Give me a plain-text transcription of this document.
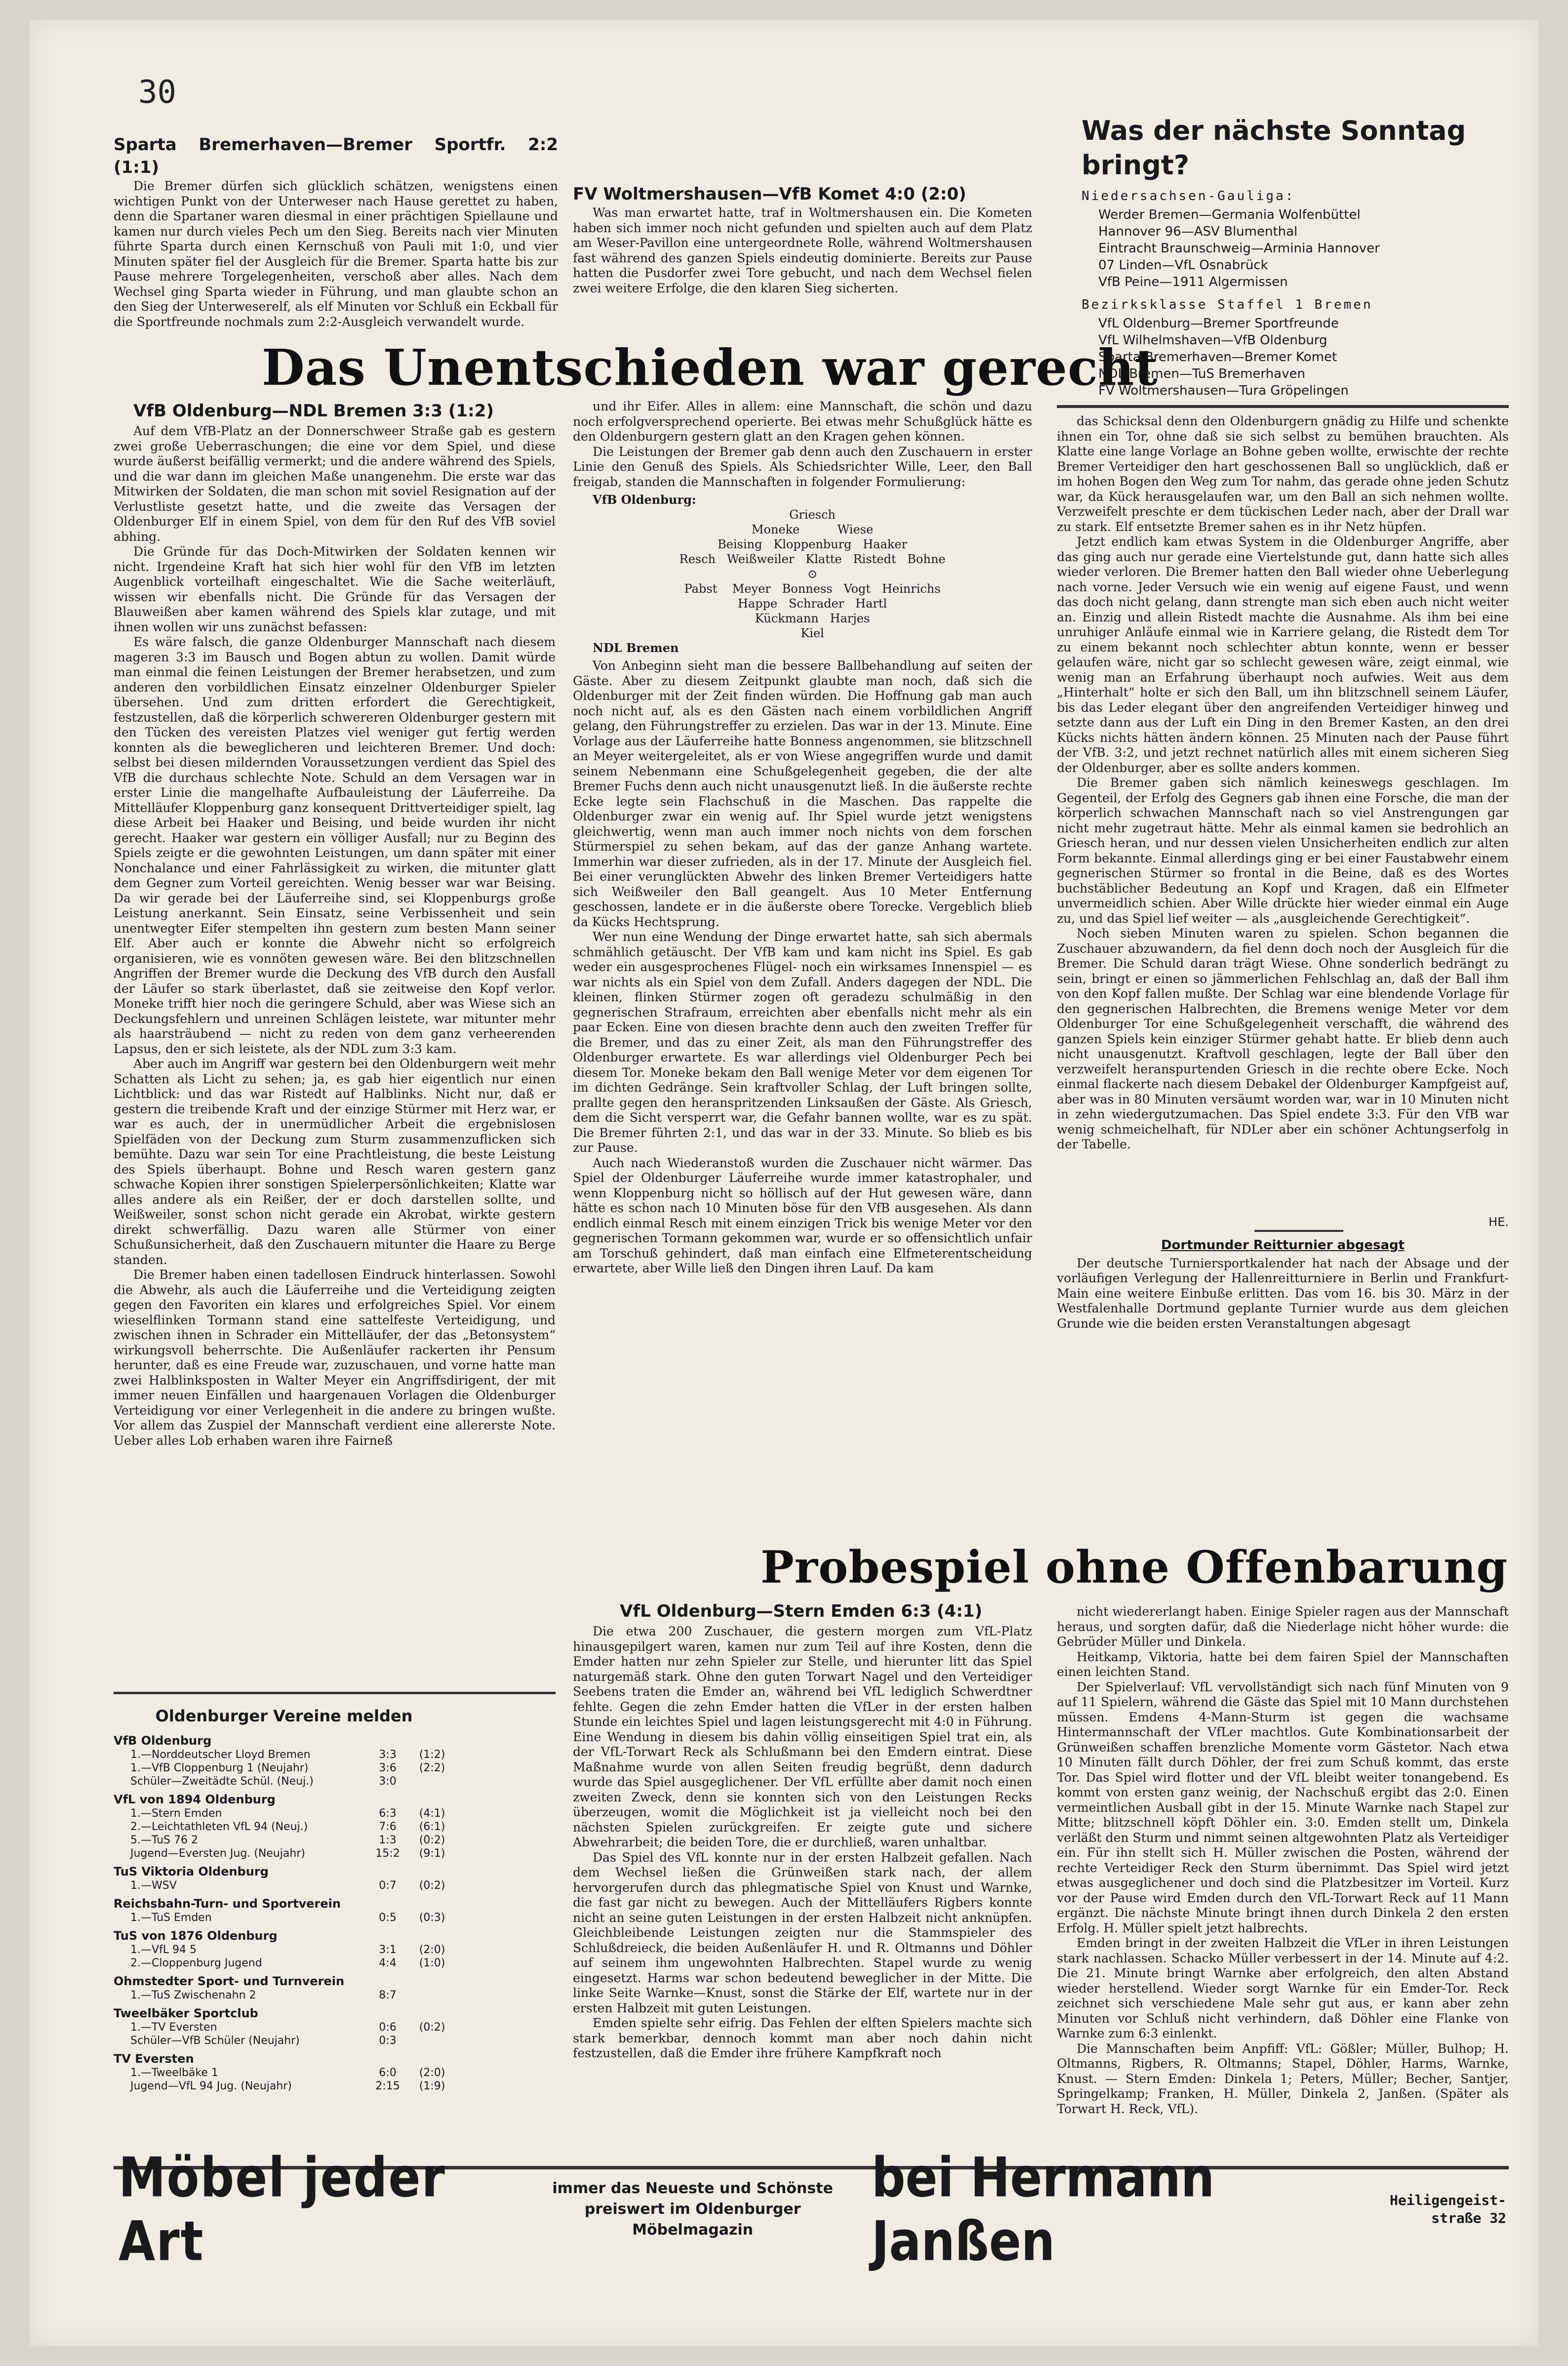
30

Sparta Bremerhaven—Bremer Sportfr. 2:2 (1:1)

Die Bremer dürfen sich glücklich schätzen, wenigstens einen wichtigen Punkt von der Unterweser nach Hause gerettet zu haben, denn die Spartaner waren diesmal in einer prächtigen Spiellaune und kamen nur durch vieles Pech um den Sieg. Bereits nach vier Minuten führte Sparta durch einen Kernschuß von Pauli mit 1:0, und vier Minuten später fiel der Ausgleich für die Bremer. Sparta hatte bis zur Pause mehrere Torgelegenheiten, verschoß aber alles. Nach dem Wechsel ging Sparta wieder in Führung, und man glaubte schon an den Sieg der Unterweserelf, als elf Minuten vor Schluß ein Eckball für die Sportfreunde nochmals zum 2:2-Ausgleich verwandelt wurde.

FV Woltmershausen—VfB Komet 4:0 (2:0)

Was man erwartet hatte, traf in Woltmershausen ein. Die Kometen haben sich immer noch nicht gefunden und spielten auch auf dem Platz am Weser-Pavillon eine untergeordnete Rolle, während Woltmershausen fast während des ganzen Spiels eindeutig dominierte. Bereits zur Pause hatten die Pusdorfer zwei Tore gebucht, und nach dem Wechsel fielen zwei weitere Erfolge, die den klaren Sieg sicherten.

Was der nächste Sonntag bringt?
Niedersachsen-Gauliga:
Werder Bremen—Germania Wolfenbüttel
Hannover 96—ASV Blumenthal
Eintracht Braunschweig—Arminia Hannover
07 Linden—VfL Osnabrück
VfB Peine—1911 Algermissen
Bezirksklasse Staffel 1 Bremen
VfL Oldenburg—Bremer Sportfreunde
VfL Wilhelmshaven—VfB Oldenburg
Sparta Bremerhaven—Bremer Komet
NDL Bremen—TuS Bremerhaven
FV Woltmershausen—Tura Gröpelingen
Das Unentschieden war gerecht
VfB Oldenburg—NDL Bremen 3:3 (1:2)

Auf dem VfB-Platz an der Donnerschweer Straße gab es gestern zwei große Ueberraschungen; die eine vor dem Spiel, und diese wurde äußerst beifällig vermerkt; und die andere während des Spiels, und die war dann im gleichen Maße unangenehm. Die erste war das Mitwirken der Soldaten, die man schon mit soviel Resignation auf der Verlustliste gesetzt hatte, und die zweite das Versagen der Oldenburger Elf in einem Spiel, von dem für den Ruf des VfB soviel abhing.

Die Gründe für das Doch-Mitwirken der Soldaten kennen wir nicht. Irgendeine Kraft hat sich hier wohl für den VfB im letzten Augenblick vorteilhaft eingeschaltet. Wie die Sache weiterläuft, wissen wir ebenfalls nicht. Die Gründe für das Versagen der Blauweißen aber kamen während des Spiels klar zutage, und mit ihnen wollen wir uns zunächst befassen:

Es wäre falsch, die ganze Oldenburger Mannschaft nach diesem mageren 3:3 im Bausch und Bogen abtun zu wollen. Damit würde man einmal die feinen Leistungen der Bremer herabsetzen, und zum anderen den vorbildlichen Einsatz einzelner Oldenburger Spieler übersehen. Und zum dritten erfordert die Gerechtigkeit, festzustellen, daß die körperlich schwereren Oldenburger gestern mit den Tücken des vereisten Platzes viel weniger gut fertig werden konnten als die beweglicheren und leichteren Bremer. Und doch: selbst bei diesen mildernden Voraussetzungen verdient das Spiel des VfB die durchaus schlechte Note. Schuld an dem Versagen war in erster Linie die mangelhafte Aufbauleistung der Läuferreihe. Da Mittelläufer Kloppenburg ganz konsequent Drittverteidiger spielt, lag diese Arbeit bei Haaker und Beising, und beide wurden ihr nicht gerecht. Haaker war gestern ein völliger Ausfall; nur zu Beginn des Spiels zeigte er die gewohnten Leistungen, um dann später mit einer Nonchalance und einer Fahrlässigkeit zu wirken, die mitunter glatt dem Gegner zum Vorteil gereichten. Wenig besser war war Beising. Da wir gerade bei der Läuferreihe sind, sei Kloppenburgs große Leistung anerkannt. Sein Einsatz, seine Verbissenheit und sein unentwegter Eifer stempelten ihn gestern zum besten Mann seiner Elf. Aber auch er konnte die Abwehr nicht so erfolgreich organisieren, wie es vonnöten gewesen wäre. Bei den blitzschnellen Angriffen der Bremer wurde die Deckung des VfB durch den Ausfall der Läufer so stark überlastet, daß sie zeitweise den Kopf verlor. Moneke trifft hier noch die geringere Schuld, aber was Wiese sich an Deckungsfehlern und unreinen Schlägen leistete, war mitunter mehr als haarsträubend — nicht zu reden von dem ganz verheerenden Lapsus, den er sich leistete, als der NDL zum 3:3 kam.

Aber auch im Angriff war gestern bei den Oldenburgern weit mehr Schatten als Licht zu sehen; ja, es gab hier eigentlich nur einen Lichtblick: und das war Ristedt auf Halblinks. Nicht nur, daß er gestern die treibende Kraft und der einzige Stürmer mit Herz war, er war es auch, der in unermüdlicher Arbeit die ergebnislosen Spielfäden von der Deckung zum Sturm zusammenzuflicken sich bemühte. Dazu war sein Tor eine Prachtleistung, die beste Leistung des Spiels überhaupt. Bohne und Resch waren gestern ganz schwache Kopien ihrer sonstigen Spielerpersönlichkeiten; Klatte war alles andere als ein Reißer, der er doch darstellen sollte, und Weißweiler, sonst schon nicht gerade ein Akrobat, wirkte gestern direkt schwerfällig. Dazu waren alle Stürmer von einer Schußunsicherheit, daß den Zuschauern mitunter die Haare zu Berge standen.

Die Bremer haben einen tadellosen Eindruck hinterlassen. Sowohl die Abwehr, als auch die Läuferreihe und die Verteidigung zeigten gegen den Favoriten ein klares und erfolgreiches Spiel. Vor einem wieselflinken Tormann stand eine sattelfeste Verteidigung, und zwischen ihnen in Schrader ein Mittelläufer, der das „Betonsystem“ wirkungsvoll beherrschte. Die Außenläufer rackerten ihr Pensum herunter, daß es eine Freude war, zuzuschauen, und vorne hatte man zwei Halblinksposten in Walter Meyer ein Angriffsdirigent, der mit immer neuen Einfällen und haargenauen Vorlagen die Oldenburger Verteidigung vor einer Verlegenheit in die andere zu bringen wußte. Vor allem das Zuspiel der Mannschaft verdient eine allererste Note. Ueber alles Lob erhaben waren ihre Fairneß

und ihr Eifer. Alles in allem: eine Mannschaft, die schön und dazu noch erfolgversprechend operierte. Bei etwas mehr Schußglück hätte es den Oldenburgern gestern glatt an den Kragen gehen können.

Die Leistungen der Bremer gab denn auch den Zuschauern in erster Linie den Genuß des Spiels. Als Schiedsrichter Wille, Leer, den Ball freigab, standen die Mannschaften in folgender Formulierung:

VfB Oldenburg:

Griesch

Moneke          Wiese

Beising   Kloppenburg   Haaker

Resch   Weißweiler   Klatte   Ristedt   Bohne

⊙

Pabst    Meyer   Bonness   Vogt   Heinrichs

Happe   Schrader   Hartl

Kückmann   Harjes

Kiel

NDL Bremen

Von Anbeginn sieht man die bessere Ballbehandlung auf seiten der Gäste. Aber zu diesem Zeitpunkt glaubte man noch, daß sich die Oldenburger mit der Zeit finden würden. Die Hoffnung gab man auch noch nicht auf, als es den Gästen nach einem vorbildlichen Angriff gelang, den Führungstreffer zu erzielen. Das war in der 13. Minute. Eine Vorlage aus der Läuferreihe hatte Bonness angenommen, sie blitzschnell an Meyer weitergeleitet, als er von Wiese angegriffen wurde und damit seinem Nebenmann eine Schußgelegenheit gegeben, die der alte Bremer Fuchs denn auch nicht unausgenutzt ließ. In die äußerste rechte Ecke legte sein Flachschuß in die Maschen. Das rappelte die Oldenburger zwar ein wenig auf. Ihr Spiel wurde jetzt wenigstens gleichwertig, wenn man auch immer noch nichts von dem forschen Stürmerspiel zu sehen bekam, auf das der ganze Anhang wartete. Immerhin war dieser zufrieden, als in der 17. Minute der Ausgleich fiel. Bei einer verunglückten Abwehr des linken Bremer Verteidigers hatte sich Weißweiler den Ball geangelt. Aus 10 Meter Entfernung geschossen, landete er in die äußerste obere Torecke. Vergeblich blieb da Kücks Hechtsprung.

Wer nun eine Wendung der Dinge erwartet hatte, sah sich abermals schmählich getäuscht. Der VfB kam und kam nicht ins Spiel. Es gab weder ein ausgesprochenes Flügel- noch ein wirksames Innenspiel — es war nichts als ein Spiel von dem Zufall. Anders dagegen der NDL. Die kleinen, flinken Stürmer zogen oft geradezu schulmäßig in den gegnerischen Strafraum, erreichten aber ebenfalls nicht mehr als ein paar Ecken. Eine von diesen brachte denn auch den zweiten Treffer für die Bremer, und das zu einer Zeit, als man den Führungstreffer des Oldenburger erwartete. Es war allerdings viel Oldenburger Pech bei diesem Tor. Moneke bekam den Ball wenige Meter vor dem eigenen Tor im dichten Gedränge. Sein kraftvoller Schlag, der Luft bringen sollte, prallte gegen den heranspritzenden Linksaußen der Gäste. Als Griesch, dem die Sicht versperrt war, die Gefahr bannen wollte, war es zu spät. Die Bremer führten 2:1, und das war in der 33. Minute. So blieb es bis zur Pause.

Auch nach Wiederanstoß wurden die Zuschauer nicht wärmer. Das Spiel der Oldenburger Läuferreihe wurde immer katastrophaler, und wenn Kloppenburg nicht so höllisch auf der Hut gewesen wäre, dann hätte es schon nach 10 Minuten böse für den VfB ausgesehen. Als dann endlich einmal Resch mit einem einzigen Trick bis wenige Meter vor den gegnerischen Tormann gekommen war, wurde er so offensichtlich unfair am Torschuß gehindert, daß man einfach eine Elfmeterentscheidung erwartete, aber Wille ließ den Dingen ihren Lauf. Da kam

das Schicksal denn den Oldenburgern gnädig zu Hilfe und schenkte ihnen ein Tor, ohne daß sie sich selbst zu bemühen brauchten. Als Klatte eine lange Vorlage an Bohne geben wollte, erwischte der rechte Bremer Verteidiger den hart geschossenen Ball so unglücklich, daß er im hohen Bogen den Weg zum Tor nahm, das gerade ohne jeden Schutz war, da Kück herausgelaufen war, um den Ball an sich nehmen wollte. Verzweifelt preschte er dem tückischen Leder nach, aber der Drall war zu stark. Elf entsetzte Bremer sahen es in ihr Netz hüpfen.

Jetzt endlich kam etwas System in die Oldenburger Angriffe, aber das ging auch nur gerade eine Viertelstunde gut, dann hatte sich alles wieder verloren. Die Bremer hatten den Ball wieder ohne Ueberlegung nach vorne. Jeder Versuch wie ein wenig auf eigene Faust, und wenn das doch nicht gelang, dann strengte man sich eben auch nicht weiter an. Einzig und allein Ristedt machte die Ausnahme. Als ihm bei eine unruhiger Anläufe einmal wie in Karriere gelang, die Ristedt dem Tor zu einem bekannt noch schlechter abtun konnte, wenn er besser gelaufen wäre, nicht gar so schlecht gewesen wäre, zeigt einmal, wie wenig man an Erfahrung überhaupt noch aufwies. Weit aus dem „Hinterhalt“ holte er sich den Ball, um ihn blitzschnell seinem Läufer, bis das Leder elegant über den angreifenden Verteidiger hinweg und setzte dann aus der Luft ein Ding in den Bremer Kasten, an den drei Kücks nichts hätten ändern können. 25 Minuten nach der Pause führt der VfB. 3:2, und jetzt rechnet natürlich alles mit einem sicheren Sieg der Oldenburger, aber es sollte anders kommen.

Die Bremer gaben sich nämlich keineswegs geschlagen. Im Gegenteil, der Erfolg des Gegners gab ihnen eine Forsche, die man der körperlich schwachen Mannschaft nach so viel Anstrengungen gar nicht mehr zugetraut hätte. Mehr als einmal kamen sie bedrohlich an Griesch heran, und nur dessen vielen Unsicherheiten endlich zur alten Form bekannte. Einmal allerdings ging er bei einer Faustabwehr einem gegnerischen Stürmer so frontal in die Beine, daß es des Wortes buchstäblicher Bedeutung an Kopf und Kragen, daß ein Elfmeter unvermeidlich schien. Aber Wille drückte hier wieder einmal ein Auge zu, und das Spiel lief weiter — als „ausgleichende Gerechtigkeit“.

Noch sieben Minuten waren zu spielen. Schon begannen die Zuschauer abzuwandern, da fiel denn doch noch der Ausgleich für die Bremer. Die Schuld daran trägt Wiese. Ohne sonderlich bedrängt zu sein, bringt er einen so jämmerlichen Fehlschlag an, daß der Ball ihm von den Kopf fallen mußte. Der Schlag war eine blendende Vorlage für den gegnerischen Halbrechten, die Bremens wenige Meter vor dem Oldenburger Tor eine Schußgelegenheit verschafft, die während des ganzen Spiels kein einziger Stürmer gehabt hatte. Er blieb denn auch nicht unausgenutzt. Kraftvoll geschlagen, legte der Ball über den verzweifelt heranspurtenden Griesch in die rechte obere Ecke. Noch einmal flackerte nach diesem Debakel der Oldenburger Kampfgeist auf, aber was in 80 Minuten versäumt worden war, war in 10 Minuten nicht in zehn wiedergutzumachen. Das Spiel endete 3:3. Für den VfB war wenig schmeichelhaft, für NDLer aber ein schöner Achtungserfolg in der Tabelle.

HE.
Dortmunder Reitturnier abgesagt

Der deutsche Turniersportkalender hat nach der Absage und der vorläufigen Verlegung der Hallenreitturniere in Berlin und Frankfurt-Main eine weitere Einbuße erlitten. Das vom 16. bis 30. März in der Westfalenhalle Dortmund geplante Turnier wurde aus dem gleichen Grunde wie die beiden ersten Veranstaltungen abgesagt

Probespiel ohne Offenbarung
VfL Oldenburg—Stern Emden 6:3 (4:1)

Die etwa 200 Zuschauer, die gestern morgen zum VfL-Platz hinausgepilgert waren, kamen nur zum Teil auf ihre Kosten, denn die Emder hatten nur zehn Spieler zur Stelle, und hierunter litt das Spiel naturgemäß stark. Ohne den guten Torwart Nagel und den Verteidiger Seebens traten die Emder an, während bei VfL lediglich Schwerdtner fehlte. Gegen die zehn Emder hatten die VfLer in der ersten halben Stunde ein leichtes Spiel und lagen leistungsgerecht mit 4:0 in Führung. Eine Wendung in diesem bis dahin völlig einseitigen Spiel trat ein, als der VfL-Torwart Reck als Schlußmann bei den Emdern eintrat. Diese Maßnahme wurde von allen Seiten freudig begrüßt, denn dadurch wurde das Spiel ausgeglichener. Der VfL erfüllte aber damit noch einen zweiten Zweck, denn sie konnten sich von den Leistungen Recks überzeugen, womit die Möglichkeit ist ja vielleicht noch bei den nächsten Spielen zurückgreifen. Er zeigte gute und sichere Abwehrarbeit; die beiden Tore, die er durchließ, waren unhaltbar.

Das Spiel des VfL konnte nur in der ersten Halbzeit gefallen. Nach dem Wechsel ließen die Grünweißen stark nach, der allem hervorgerufen durch das phlegmatische Spiel von Knust und Warnke, die fast gar nicht zu bewegen. Auch der Mittelläufers Rigbers konnte nicht an seine guten Leistungen in der ersten Halbzeit nicht anknüpfen. Gleichbleibende Leistungen zeigten nur die Stammspieler des Schlußdreieck, die beiden Außenläufer H. und R. Oltmanns und Döhler auf seinem ihm ungewohnten Halbrechten. Stapel wurde zu wenig eingesetzt. Harms war schon bedeutend beweglicher in der Mitte. Die linke Seite Warnke—Knust, sonst die Stärke der Elf, wartete nur in der ersten Halbzeit mit guten Leistungen.

Emden spielte sehr eifrig. Das Fehlen der elften Spielers machte sich stark bemerkbar, dennoch kommt man aber noch dahin nicht festzustellen, daß die Emder ihre frühere Kampfkraft noch

nicht wiedererlangt haben. Einige Spieler ragen aus der Mannschaft heraus, und sorgten dafür, daß die Niederlage nicht höher wurde: die Gebrüder Müller und Dinkela.

Heitkamp, Viktoria, hatte bei dem fairen Spiel der Mannschaften einen leichten Stand.

Der Spielverlauf: VfL vervollständigt sich nach fünf Minuten von 9 auf 11 Spielern, während die Gäste das Spiel mit 10 Mann durchstehen müssen. Emdens 4-Mann-Sturm ist gegen die wachsame Hintermannschaft der VfLer machtlos. Gute Kombinationsarbeit der Grünweißen schaffen brenzliche Momente vorm Gästetor. Nach etwa 10 Minuten fällt durch Döhler, der frei zum Schuß kommt, das erste Tor. Das Spiel wird flotter und der VfL bleibt weiter tonangebend. Es kommt von ersten ganz weinig, der Nachschuß ergibt das 2:0. Einen vermeintlichen Ausball gibt in der 15. Minute Warnke nach Stapel zur Mitte; blitzschnell köpft Döhler ein. 3:0. Emden stellt um, Dinkela verläßt den Sturm und nimmt seinen altgewohnten Platz als Verteidiger ein. Für ihn stellt sich H. Müller zwischen die Posten, während der rechte Verteidiger Reck den Sturm übernimmt. Das Spiel wird jetzt etwas ausgeglichener und doch sind die Platzbesitzer im Vorteil. Kurz vor der Pause wird Emden durch den VfL-Torwart Reck auf 11 Mann ergänzt. Die nächste Minute bringt ihnen durch Dinkela 2 den ersten Erfolg. H. Müller spielt jetzt halbrechts.

Emden bringt in der zweiten Halbzeit die VfLer in ihren Leistungen stark nachlassen. Schacko Müller verbessert in der 14. Minute auf 4:2. Die 21. Minute bringt Warnke aber erfolgreich, den alten Abstand wieder herstellend. Wieder sorgt Warnke für ein Emder-Tor. Reck zeichnet sich verschiedene Male sehr gut aus, er kann aber zehn Minuten vor Schluß nicht verhindern, daß Döhler eine Flanke von Warnke zum 6:3 einlenkt.

Die Mannschaften beim Anpfiff: VfL: Gößler; Müller, Bulhop; H. Oltmanns, Rigbers, R. Oltmanns; Stapel, Döhler, Harms, Warnke, Knust. — Stern Emden: Dinkela 1; Peters, Müller; Becher, Santjer, Springelkamp; Franken, H. Müller, Dinkela 2, Janßen. (Später als Torwart H. Reck, VfL).

Oldenburger Vereine melden
VfB Oldenburg
1.—Norddeutscher Lloyd Bremen	3:3	(1:2)
1.—VfB Cloppenburg 1 (Neujahr)	3:6	(2:2)
Schüler—Zweitädte Schül. (Neuj.)	3:0
VfL von 1894 Oldenburg
1.—Stern Emden	6:3	(4:1)
2.—Leichtathleten VfL 94 (Neuj.)	7:6	(6:1)
5.—TuS 76 2	1:3	(0:2)
Jugend—Eversten Jug. (Neujahr)	15:2	(9:1)
TuS Viktoria Oldenburg
1.—WSV	0:7	(0:2)
Reichsbahn-Turn- und Sportverein
1.—TuS Emden	0:5	(0:3)
TuS von 1876 Oldenburg
1.—VfL 94 5	3:1	(2:0)
2.—Cloppenburg Jugend	4:4	(1:0)
Ohmstedter Sport- und Turnverein
1.—TuS Zwischenahn 2	8:7
Tweelbäker Sportclub
1.—TV Eversten	0:6	(0:2)
Schüler—VfB Schüler (Neujahr)	0:3
TV Eversten
1.—Tweelbäke 1	6:0	(2:0)
Jugend—VfL 94 Jug. (Neujahr)	2:15	(1:9)
Möbel jeder Art
immer das Neueste und Schönste
preiswert im Oldenburger Möbelmagazin
bei Hermann Janßen
Heiligengeist-
straße 32
